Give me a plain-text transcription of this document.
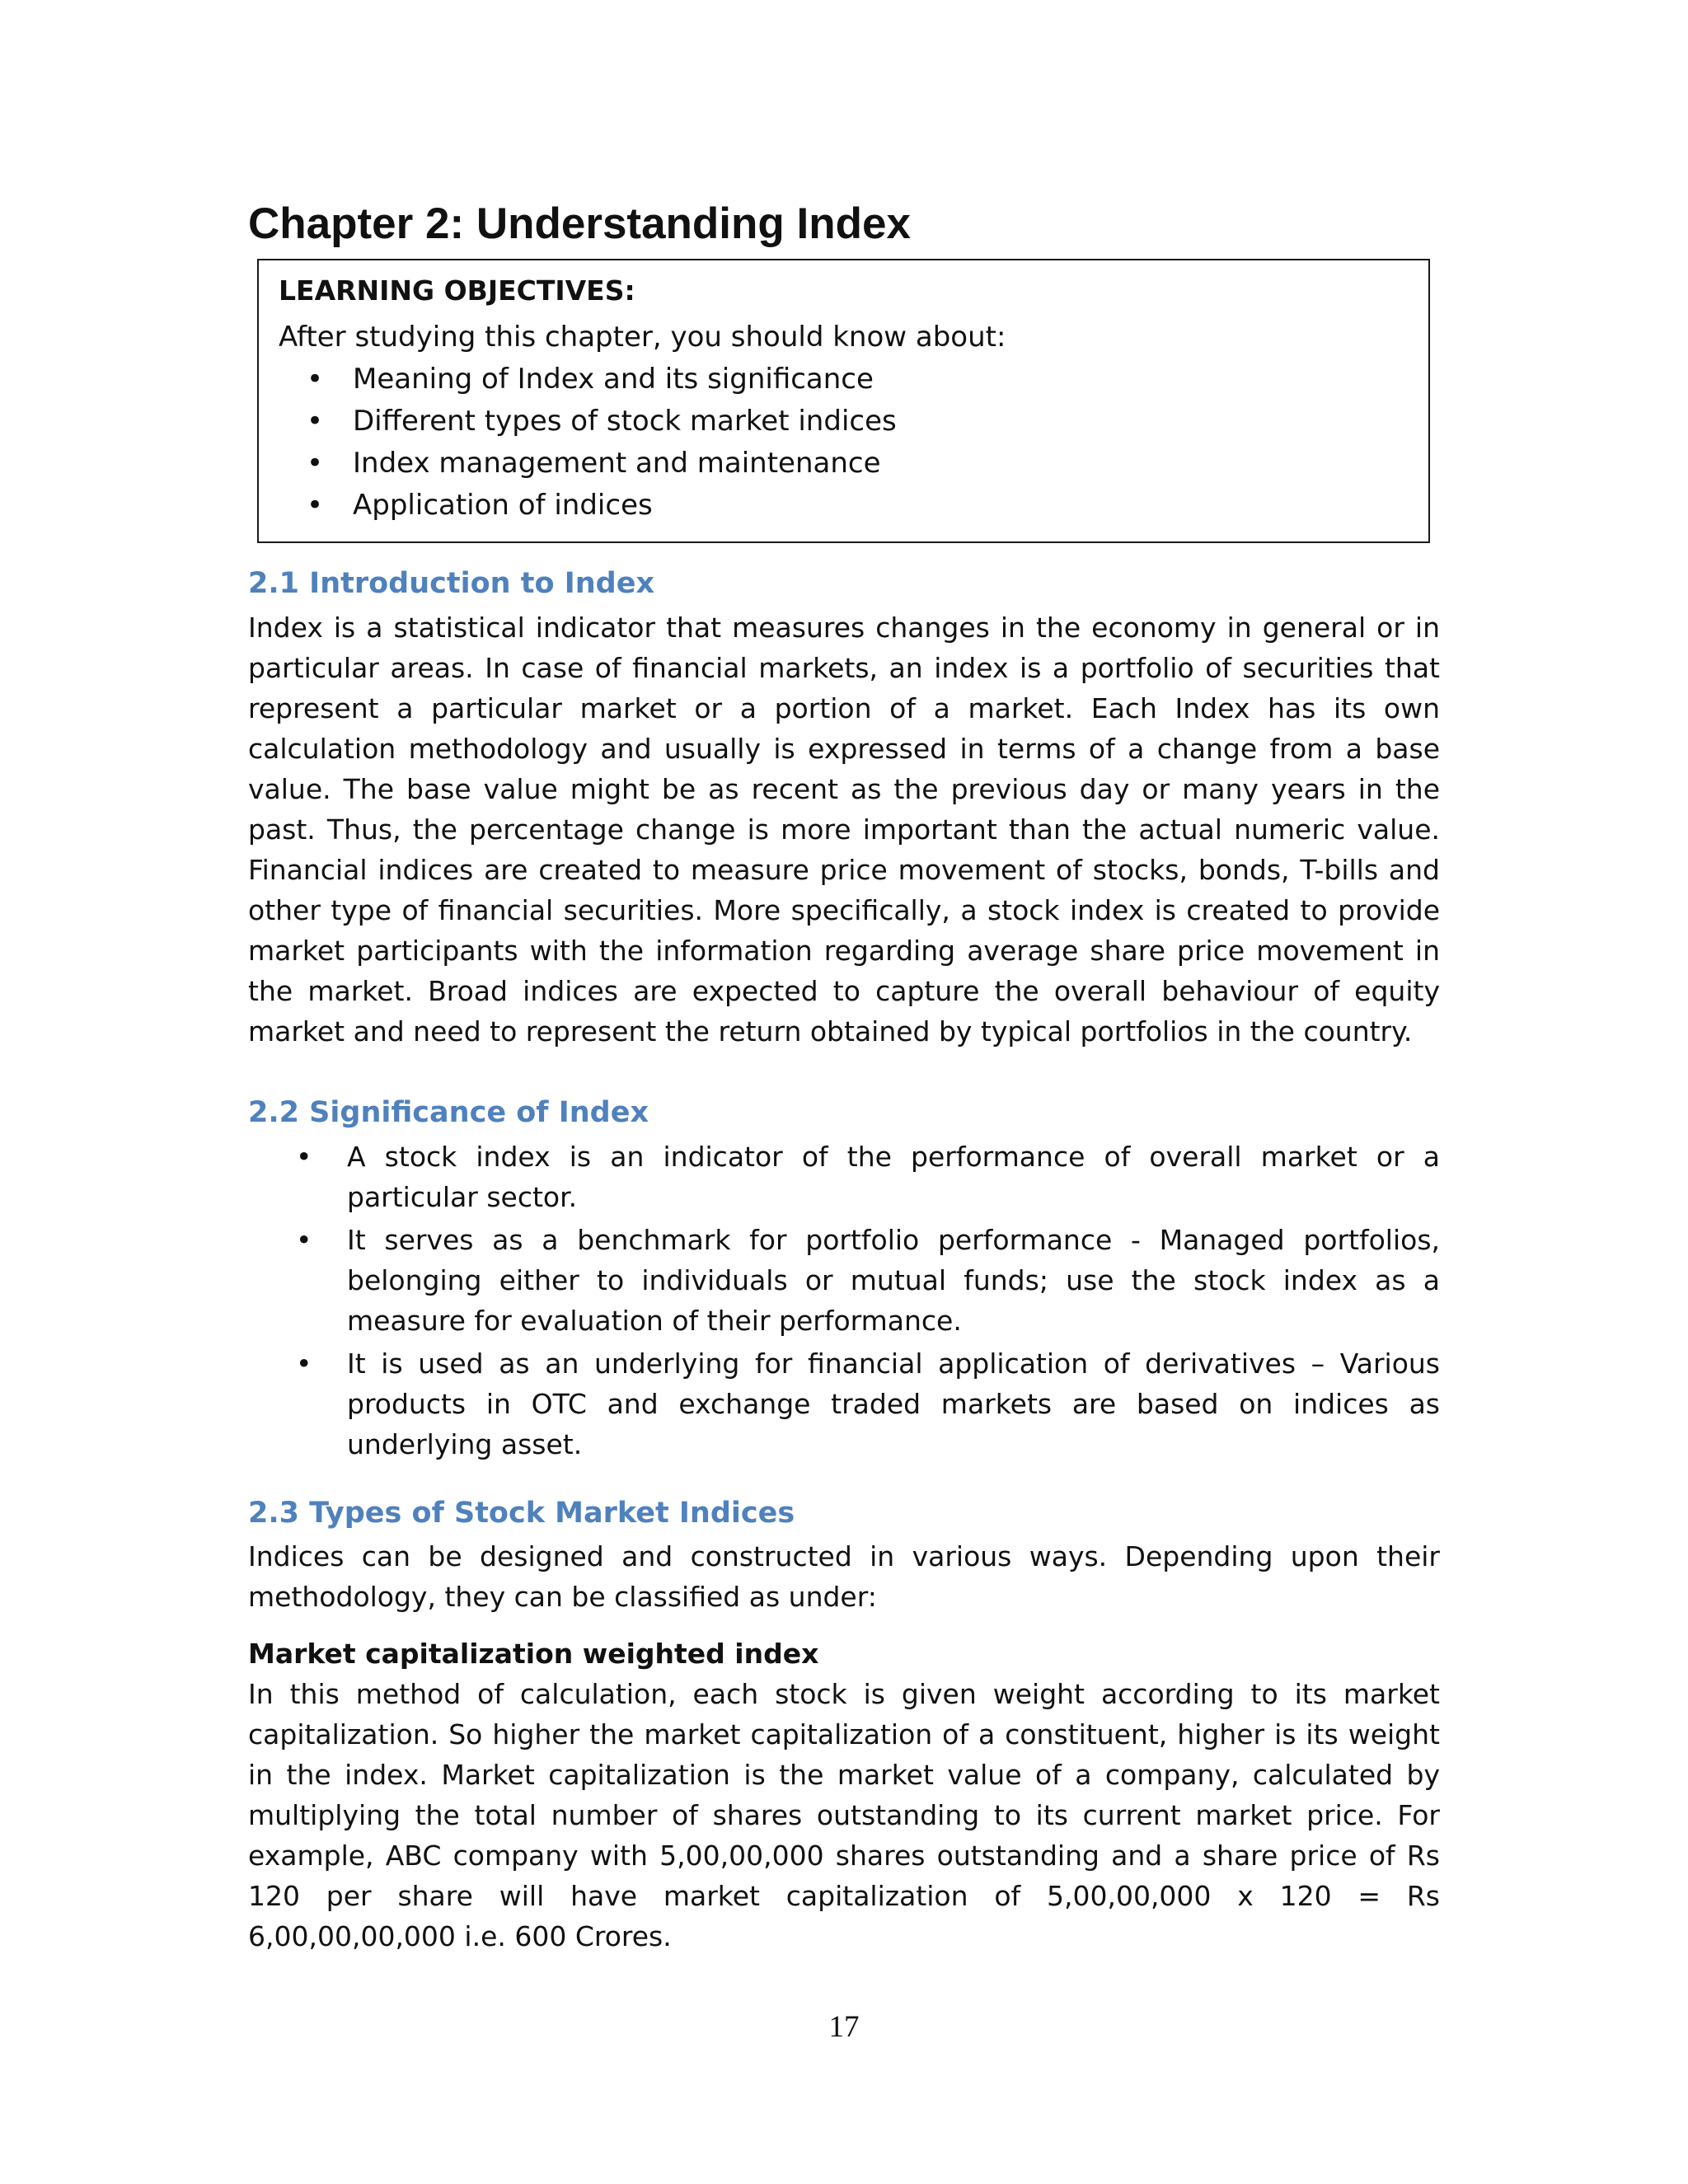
Chapter 2: Understanding Index

LEARNING OBJECTIVES:

After studying this chapter, you should know about:

• Meaning of Index and its significance
• Different types of stock market indices
• Index management and maintenance
• Application of indices
2.1 Introduction to Index

Index is a statistical indicator that measures changes in the economy in general or in particular areas. In case of financial markets, an index is a portfolio of securities that represent a particular market or a portion of a market. Each Index has its own calculation methodology and usually is expressed in terms of a change from a base value. The base value might be as recent as the previous day or many years in the past. Thus, the percentage change is more important than the actual numeric value. Financial indices are created to measure price movement of stocks, bonds, T-bills and other type of financial securities. More specifically, a stock index is created to provide market participants with the information regarding average share price movement in the market. Broad indices are expected to capture the overall behaviour of equity market and need to represent the return obtained by typical portfolios in the country.

2.2 Significance of Index
• A stock index is an indicator of the performance of overall market or a particular sector.
• It serves as a benchmark for portfolio performance - Managed portfolios, belonging either to individuals or mutual funds; use the stock index as a measure for evaluation of their performance.
• It is used as an underlying for financial application of derivatives – Various products in OTC and exchange traded markets are based on indices as underlying asset.
2.3 Types of Stock Market Indices

Indices can be designed and constructed in various ways. Depending upon their methodology, they can be classified as under:

Market capitalization weighted index

In this method of calculation, each stock is given weight according to its market capitalization. So higher the market capitalization of a constituent, higher is its weight in the index. Market capitalization is the market value of a company, calculated by multiplying the total number of shares outstanding to its current market price. For example, ABC company with 5,00,00,000 shares outstanding and a share price of Rs 120 per share will have market capitalization of 5,00,00,000 x 120 = Rs 6,00,00,00,000 i.e. 600 Crores.

17
